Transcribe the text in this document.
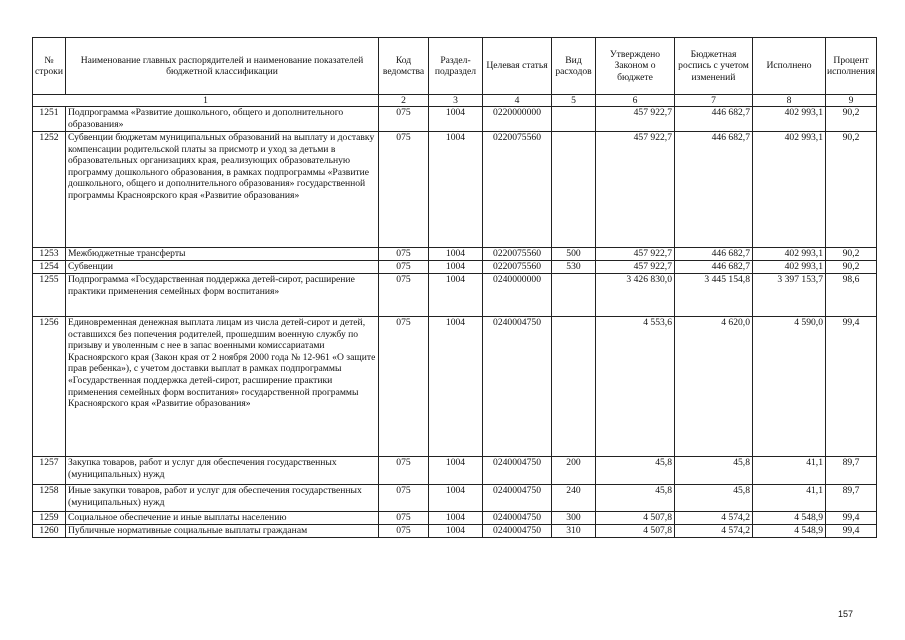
№ строки	Наименование главных распорядителей и наименование показателей бюджетной классификации	Код ведомства	Раздел-подраздел	Целевая статья	Вид расходов	Утверждено Законом о бюджете	Бюджетная роспись с учетом изменений	Исполнено	Процент исполнения
1		2	3	4	5	6	7	8	9
1251	Подпрограмма «Развитие дошкольного, общего и дополнительного образования»	075	1004	0220000000		457 922,7	446 682,7	402 993,1	90,2
1252	Субвенции бюджетам муниципальных образований на выплату и доставку компенсации родительской платы за присмотр и уход за детьми в образовательных организациях края, реализующих образовательную программу дошкольного образования, в рамках подпрограммы «Развитие дошкольного, общего и дополнительного образования» государственной программы Красноярского края «Развитие образования»	075	1004	0220075560		457 922,7	446 682,7	402 993,1	90,2
1253	Межбюджетные трансферты	075	1004	0220075560	500	457 922,7	446 682,7	402 993,1	90,2
1254	Субвенции	075	1004	0220075560	530	457 922,7	446 682,7	402 993,1	90,2
1255	Подпрограмма «Государственная поддержка детей-сирот, расширение практики применения семейных форм воспитания»	075	1004	0240000000		3 426 830,0	3 445 154,8	3 397 153,7	98,6
1256	Единовременная денежная выплата лицам из числа детей-сирот и детей, оставшихся без попечения родителей, прошедшим военную службу по призыву и уволенным с нее в запас военными комиссариатами Красноярского края (Закон края от 2 ноября 2000 года № 12-961 «О защите прав ребенка»), с учетом доставки выплат в рамках подпрограммы «Государственная поддержка детей-сирот, расширение практики применения семейных форм воспитания» государственной программы Красноярского края «Развитие образования»	075	1004	0240004750		4 553,6	4 620,0	4 590,0	99,4
1257	Закупка товаров, работ и услуг для обеспечения государственных (муниципальных) нужд	075	1004	0240004750	200	45,8	45,8	41,1	89,7
1258	Иные закупки товаров, работ и услуг для обеспечения государственных (муниципальных) нужд	075	1004	0240004750	240	45,8	45,8	41,1	89,7
1259	Социальное обеспечение и иные выплаты населению	075	1004	0240004750	300	4 507,8	4 574,2	4 548,9	99,4
1260	Публичные нормативные социальные выплаты гражданам	075	1004	0240004750	310	4 507,8	4 574,2	4 548,9	99,4
157
